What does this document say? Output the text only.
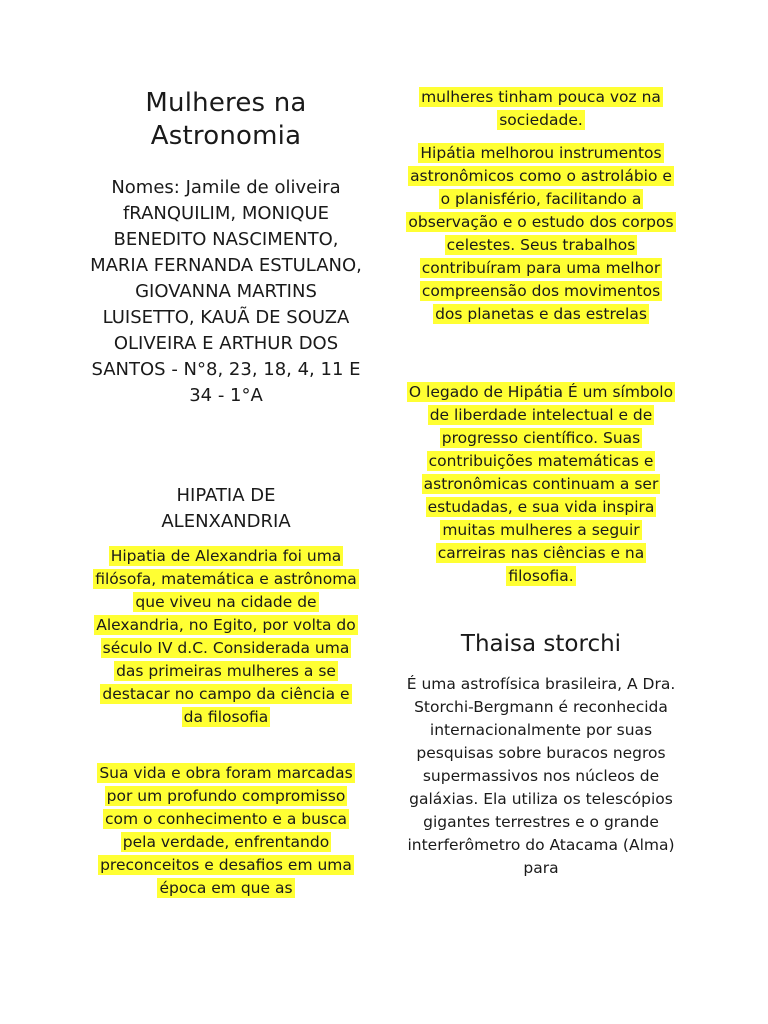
Mulheres na
Astronomia
Nomes: Jamile de oliveira fRANQUILIM, MONIQUE BENEDITO NASCIMENTO, MARIA FERNANDA ESTULANO, GIOVANNA MARTINS LUISETTO, KAUÃ DE SOUZA OLIVEIRA E ARTHUR DOS SANTOS - N°8, 23, 18, 4, 11 E 34 - 1°A
HIPATIA DE
ALENXANDRIA

Hipatia de Alexandria foi uma filósofa, matemática e astrônoma que viveu na cidade de Alexandria, no Egito, por volta do século IV d.C. Considerada uma das primeiras mulheres a se destacar no campo da ciência e da filosofia

Sua vida e obra foram marcadas por um profundo compromisso com o conhecimento e a busca pela verdade, enfrentando preconceitos e desafios em uma época em que as

mulheres tinham pouca voz na sociedade.

Hipátia melhorou instrumentos astronômicos como o astrolábio e o planisfério, facilitando a observação e o estudo dos corpos celestes. Seus trabalhos contribuíram para uma melhor compreensão dos movimentos dos planetas e das estrelas

O legado de Hipátia É um símbolo de liberdade intelectual e de progresso científico. Suas contribuições matemáticas e astronômicas continuam a ser estudadas, e sua vida inspira muitas mulheres a seguir carreiras nas ciências e na filosofia.

Thaisa storchi

É uma astrofísica brasileira, A Dra. Storchi-Bergmann é reconhecida internacionalmente por suas pesquisas sobre buracos negros supermassivos nos núcleos de galáxias. Ela utiliza os telescópios gigantes terrestres e o grande interferômetro do Atacama (Alma) para
